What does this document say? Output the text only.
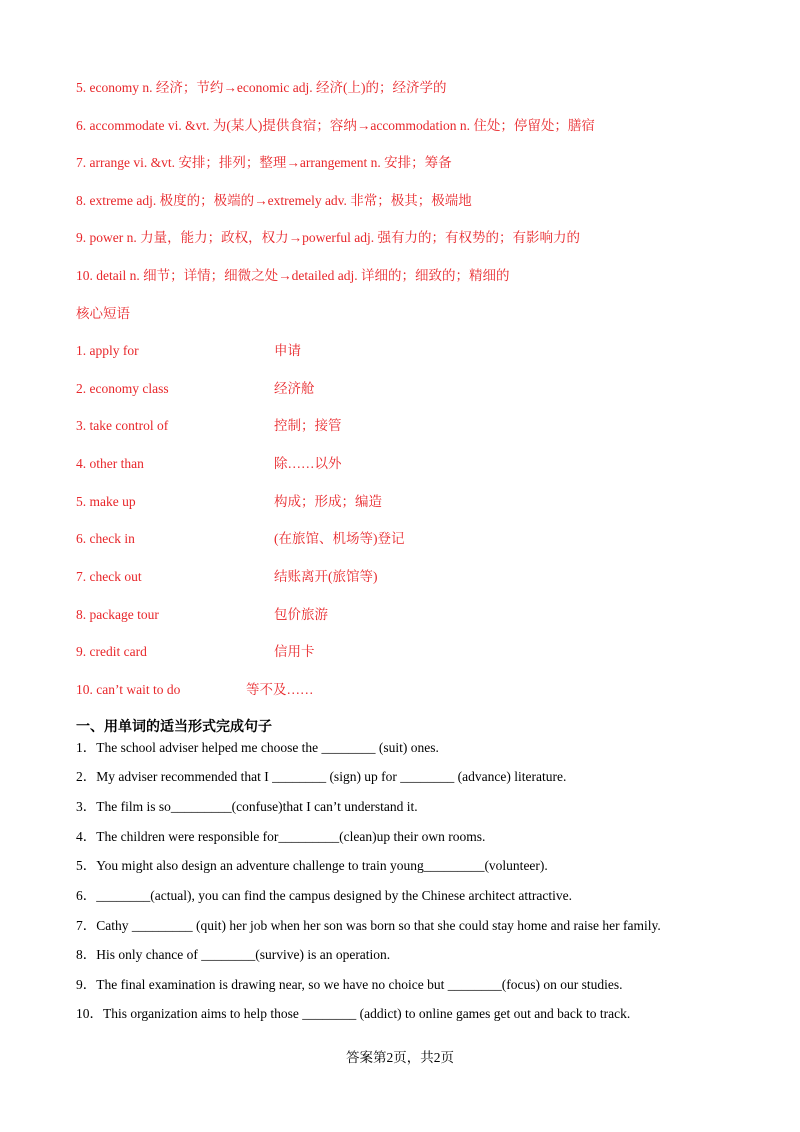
5. economy n. 经济；节约→economic adj. 经济(上)的；经济学的
6. accommodate vi. &vt. 为(某人)提供食宿；容纳→accommodation n. 住处；停留处；膳宿
7. arrange vi. &vt. 安排；排列；整理→arrangement n. 安排；筹备
8. extreme adj. 极度的；极端的→extremely adv. 非常；极其；极端地
9. power n. 力量，能力；政权，权力→powerful adj. 强有力的；有权势的；有影响力的
10. detail n. 细节；详情；细微之处→detailed adj. 详细的；细致的；精细的
核心短语
1. apply for	申请
2. economy class	经济舱
3. take control of	控制；接管
4. other than	除……以外
5. make up	构成；形成；编造
6. check in	(在旅馆、机场等)登记
7. check out	结账离开(旅馆等)
8. package tour	包价旅游
9. credit card	信用卡
10. can’t wait to do	等不及……
一、用单词的适当形式完成句子
1．The school adviser helped me choose the ________ (suit) ones.
2．My adviser recommended that I ________ (sign) up for ________ (advance) literature.
3．The film is so_________(confuse)that I can’t understand it.
4．The children were responsible for_________(clean)up their own rooms.
5．You might also design an adventure challenge to train young_________(volunteer).
6．________(actual), you can find the campus designed by the Chinese architect attractive.
7．Cathy _________ (quit) her job when her son was born so that she could stay home and raise her family.
8．His only chance of ________(survive) is an operation.
9．The final examination is drawing near, so we have no choice but ________(focus) on our studies.
10．This organization aims to help those ________ (addict) to online games get out and back to track.
答案第2页，共2页
